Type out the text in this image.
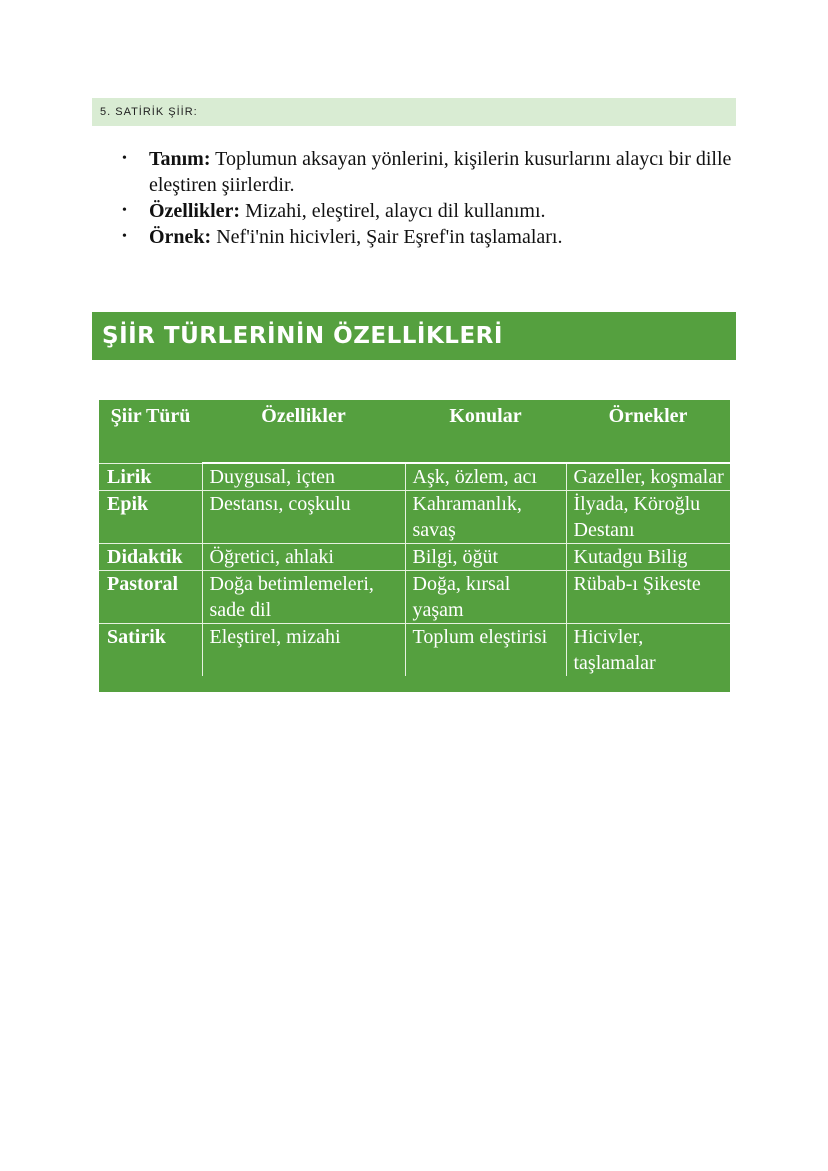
5. SATİRİK ŞİİR:
• Tanım: Toplumun aksayan yönlerini, kişilerin kusurlarını alaycı bir dille eleştiren şiirlerdir.
• Özellikler: Mizahi, eleştirel, alaycı dil kullanımı.
• Örnek: Nef'i'nin hicivleri, Şair Eşref'in taşlamaları.
ŞİİR TÜRLERİNİN ÖZELLİKLERİ
Şiir Türü	Özellikler	Konular	Örnekler
Lirik	Duygusal, içten	Aşk, özlem, acı	Gazeller, koşmalar
Epik	Destansı, coşkulu	Kahramanlık, savaş	İlyada, Köroğlu Destanı
Didaktik	Öğretici, ahlaki	Bilgi, öğüt	Kutadgu Bilig
Pastoral	Doğa betimlemeleri, sade dil	Doğa, kırsal yaşam	Rübab-ı Şikeste
Satirik	Eleştirel, mizahi	Toplum eleştirisi	Hicivler, taşlamalar
